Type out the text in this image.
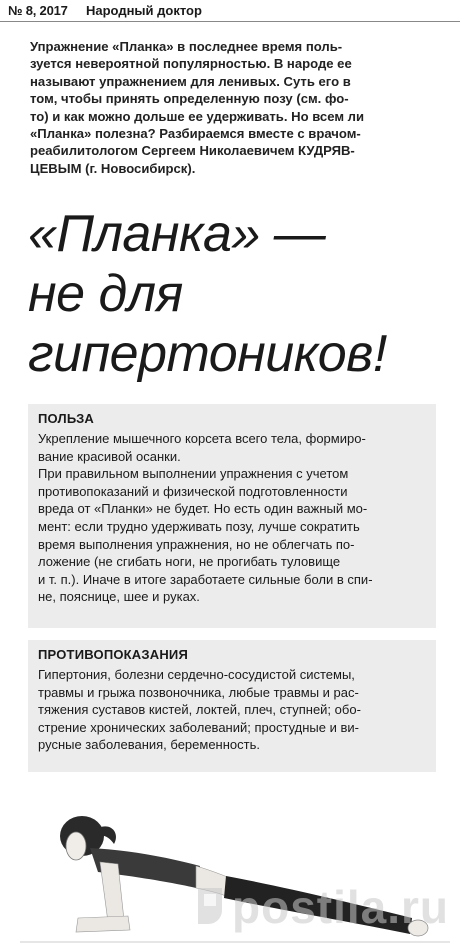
№ 8, 2017 Народный доктор

Упражнение «Планка» в последнее время поль-
зуется невероятной популярностью. В народе ее
называют упражнением для ленивых. Суть его в
том, чтобы принять определенную позу (см. фо-
то) и как можно дольше ее удерживать. Но всем ли
«Планка» полезна? Разбираемся вместе с врачом-
реабилитологом Сергеем Николаевичем КУДРЯВ-
ЦЕВЫМ (г. Новосибирск).

«Планка» —
не для
гипертоников!
ПОЛЬЗА

Укрепление мышечного корсета всего тела, формиро-
вание красивой осанки.
При правильном выполнении упражнения с учетом
противопоказаний и физической подготовленности
вреда от «Планки» не будет. Но есть один важный мо-
мент: если трудно удерживать позу, лучше сократить
время выполнения упражнения, но не облегчать по-
ложение (не сгибать ноги, не прогибать туловище
и т. п.). Иначе в итоге заработаете сильные боли в спи-
не, пояснице, шее и руках.

ПРОТИВОПОКАЗАНИЯ

Гипертония, болезни сердечно-сосудистой системы,
травмы и грыжа позвоночника, любые травмы и рас-
тяжения суставов кистей, локтей, плеч, ступней; обо-
стрение хронических заболеваний; простудные и ви-
русные заболевания, беременность.

postila.ru
